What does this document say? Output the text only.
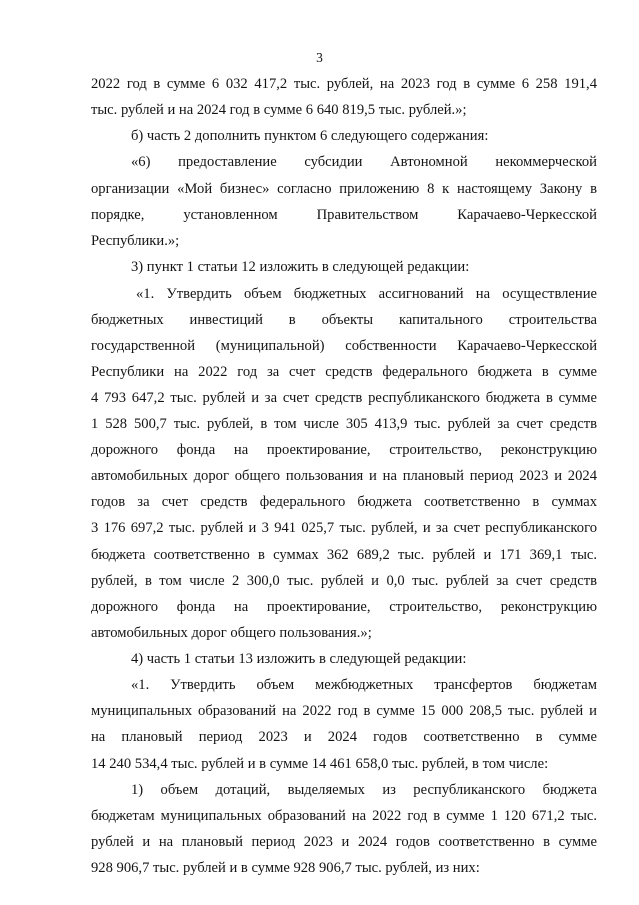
3
2022 год в сумме 6 032 417,2 тыс. рублей, на 2023 год в сумме 6 258 191,4
тыс. рублей и на 2024 год в сумме 6 640 819,5 тыс. рублей.»;
б) часть 2 дополнить пунктом 6 следующего содержания:
«6) предоставление субсидии Автономной некоммерческой
организации «Мой бизнес» согласно приложению 8 к настоящему Закону в
порядке, установленном Правительством Карачаево-Черкесской
Республики.»;
3) пункт 1 статьи 12 изложить в следующей редакции:
«1. Утвердить объем бюджетных ассигнований на осуществление
бюджетных инвестиций в объекты капитального строительства
государственной (муниципальной) собственности Карачаево-Черкесской
Республики на 2022 год за счет средств федерального бюджета в сумме
4 793 647,2 тыс. рублей и за счет средств республиканского бюджета в сумме
1 528 500,7 тыс. рублей, в том числе 305 413,9 тыс. рублей за счет средств
дорожного фонда на проектирование, строительство, реконструкцию
автомобильных дорог общего пользования и на плановый период 2023 и 2024
годов за счет средств федерального бюджета соответственно в суммах
3 176 697,2 тыс. рублей и 3 941 025,7 тыс. рублей, и за счет республиканского
бюджета соответственно в суммах 362 689,2 тыс. рублей и 171 369,1 тыс.
рублей, в том числе 2 300,0 тыс. рублей и 0,0 тыс. рублей за счет средств
дорожного фонда на проектирование, строительство, реконструкцию
автомобильных дорог общего пользования.»;
4) часть 1 статьи 13 изложить в следующей редакции:
«1. Утвердить объем межбюджетных трансфертов бюджетам
муниципальных образований на 2022 год в сумме 15 000 208,5 тыс. рублей и
на плановый период 2023 и 2024 годов соответственно в сумме
14 240 534,4 тыс. рублей и в сумме 14 461 658,0 тыс. рублей, в том числе:
1) объем дотаций, выделяемых из республиканского бюджета
бюджетам муниципальных образований на 2022 год в сумме 1 120 671,2 тыс.
рублей и на плановый период 2023 и 2024 годов соответственно в сумме
928 906,7 тыс. рублей и в сумме 928 906,7 тыс. рублей, из них:
